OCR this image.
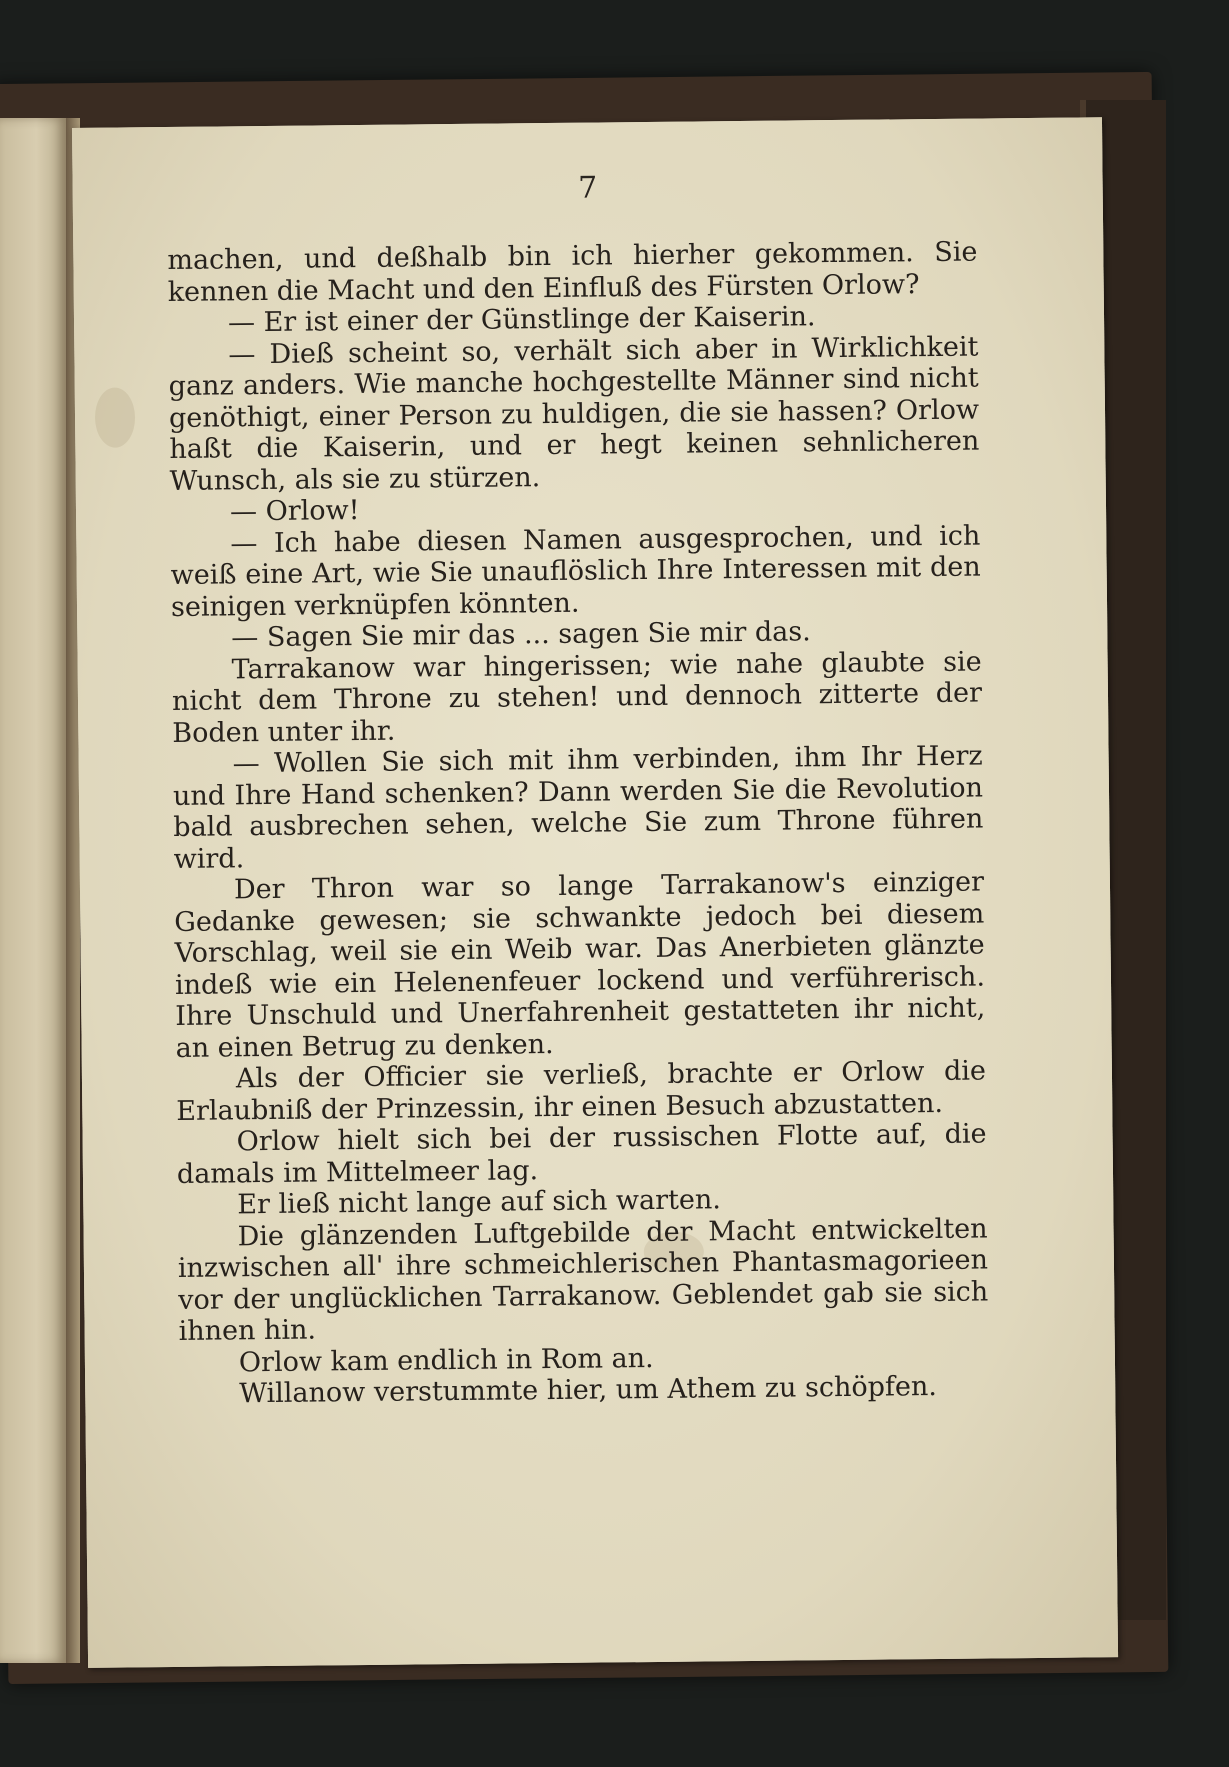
7

machen, und deßhalb bin ich hierher gekommen. Sie kennen die Macht und den Einfluß des Fürsten Orlow?

— Er ist einer der Günstlinge der Kaiserin.

— Dieß scheint so, verhält sich aber in Wirklichkeit ganz anders. Wie manche hochgestellte Männer sind nicht genöthigt, einer Person zu huldigen, die sie hassen? Orlow haßt die Kaiserin, und er hegt keinen sehnlicheren Wunsch, als sie zu stürzen.

— Orlow!

— Ich habe diesen Namen ausgesprochen, und ich weiß eine Art, wie Sie unauflöslich Ihre Interessen mit den seinigen verknüpfen könnten.

— Sagen Sie mir das ... sagen Sie mir das.

Tarrakanow war hingerissen; wie nahe glaubte sie nicht dem Throne zu stehen! und dennoch zitterte der Boden unter ihr.

— Wollen Sie sich mit ihm verbinden, ihm Ihr Herz und Ihre Hand schenken? Dann werden Sie die Revolution bald ausbrechen sehen, welche Sie zum Throne führen wird.

Der Thron war so lange Tarrakanow's einziger Gedanke gewesen; sie schwankte jedoch bei diesem Vorschlag, weil sie ein Weib war. Das Anerbieten glänzte indeß wie ein Helenenfeuer lockend und verführerisch. Ihre Unschuld und Unerfahrenheit gestatteten ihr nicht, an einen Betrug zu denken.

Als der Officier sie verließ, brachte er Orlow die Erlaubniß der Prinzessin, ihr einen Besuch abzustatten.

Orlow hielt sich bei der russischen Flotte auf, die damals im Mittelmeer lag.

Er ließ nicht lange auf sich warten.

Die glänzenden Luftgebilde der Macht entwickelten inzwischen all' ihre schmeichlerischen Phantasmagorieen vor der unglücklichen Tarrakanow. Geblendet gab sie sich ihnen hin.

Orlow kam endlich in Rom an.

Willanow verstummte hier, um Athem zu schöpfen.
